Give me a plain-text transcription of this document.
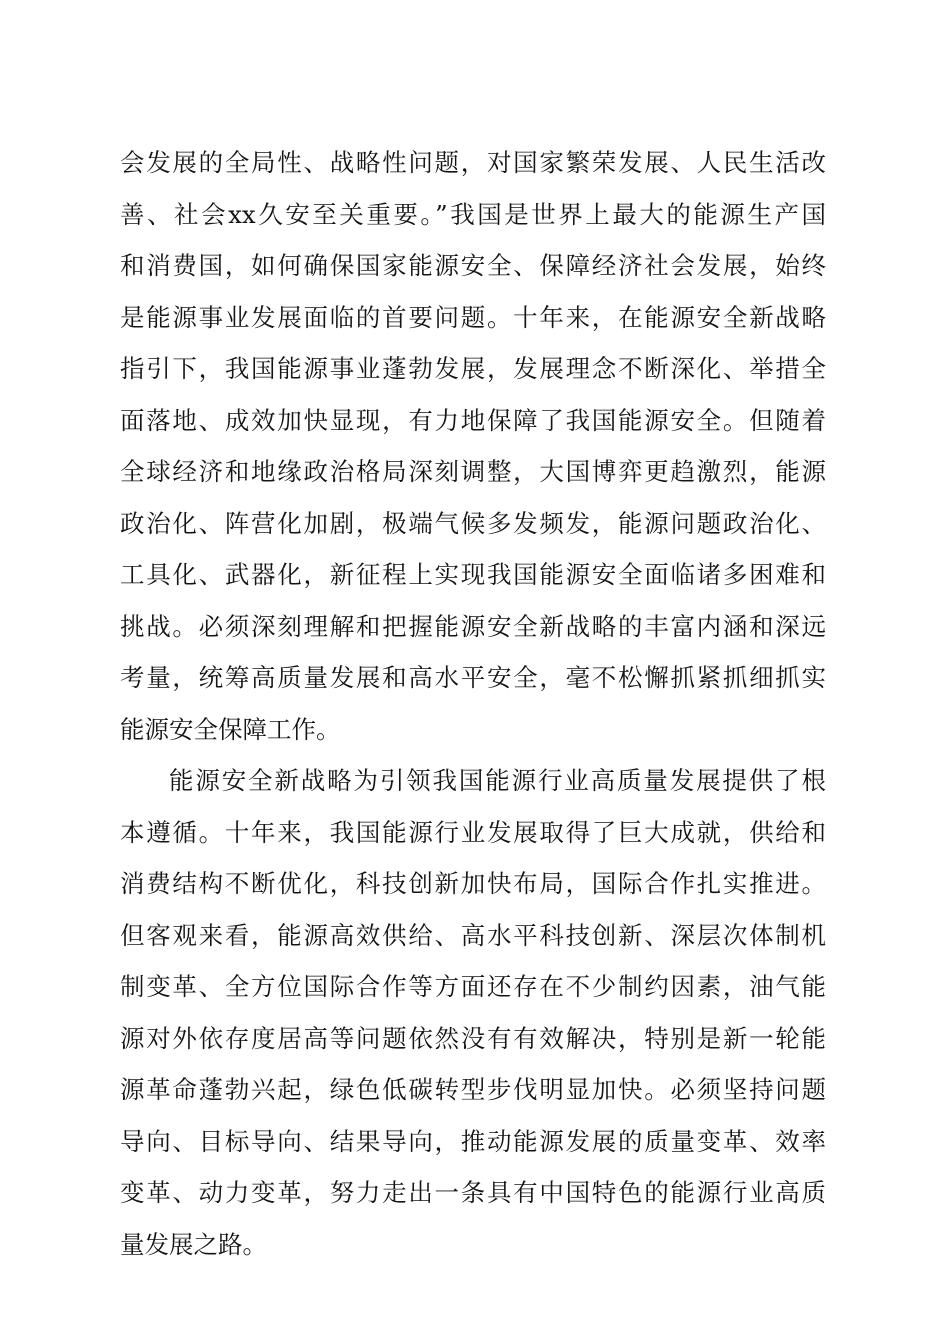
会发展的全局性、战略性问题，对国家繁荣发展、人民生活改
善、社会xx久安至关重要。”我国是世界上最大的能源生产国
和消费国，如何确保国家能源安全、保障经济社会发展，始终
是能源事业发展面临的首要问题。十年来，在能源安全新战略
指引下，我国能源事业蓬勃发展，发展理念不断深化、举措全
面落地、成效加快显现，有力地保障了我国能源安全。但随着
全球经济和地缘政治格局深刻调整，大国博弈更趋激烈，能源
政治化、阵营化加剧，极端气候多发频发，能源问题政治化、
工具化、武器化，新征程上实现我国能源安全面临诸多困难和
挑战。必须深刻理解和把握能源安全新战略的丰富内涵和深远
考量，统筹高质量发展和高水平安全，毫不松懈抓紧抓细抓实
能源安全保障工作。
能源安全新战略为引领我国能源行业高质量发展提供了根
本遵循。十年来，我国能源行业发展取得了巨大成就，供给和
消费结构不断优化，科技创新加快布局，国际合作扎实推进。
但客观来看，能源高效供给、高水平科技创新、深层次体制机
制变革、全方位国际合作等方面还存在不少制约因素，油气能
源对外依存度居高等问题依然没有有效解决，特别是新一轮能
源革命蓬勃兴起，绿色低碳转型步伐明显加快。必须坚持问题
导向、目标导向、结果导向，推动能源发展的质量变革、效率
变革、动力变革，努力走出一条具有中国特色的能源行业高质
量发展之路。
